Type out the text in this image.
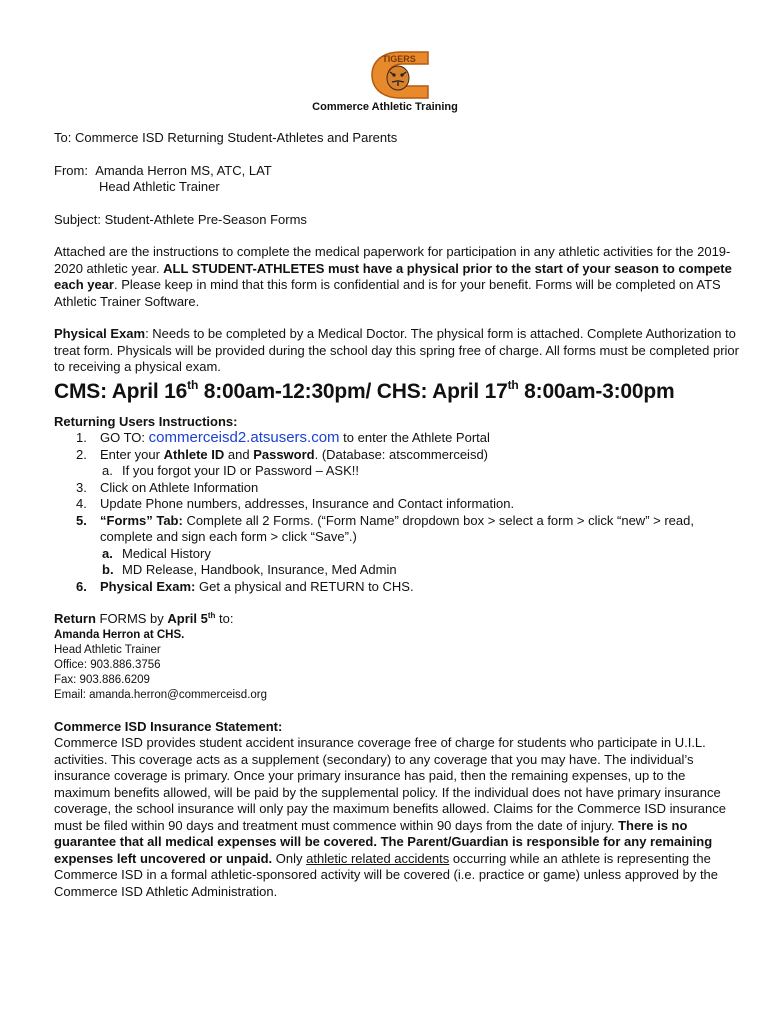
TIGERS
Commerce Athletic Training

To: Commerce ISD Returning Student-Athletes and Parents

From: Amanda Herron MS, ATC, LAT

Head Athletic Trainer

Subject: Student-Athlete Pre-Season Forms

Attached are the instructions to complete the medical paperwork for participation in any athletic activities for the 2019-2020 athletic year. ALL STUDENT-ATHLETES must have a physical prior to the start of your season to compete each year. Please keep in mind that this form is confidential and is for your benefit. Forms will be completed on ATS Athletic Trainer Software.

Physical Exam: Needs to be completed by a Medical Doctor. The physical form is attached. Complete Authorization to treat form. Physicals will be provided during the school day this spring free of charge. All forms must be completed prior to receiving a physical exam.

CMS: April 16th 8:00am-12:30pm/ CHS: April 17th 8:00am-3:00pm

Returning Users Instructions:

1. GO TO: commerceisd2.atsusers.com to enter the Athlete Portal
2. Enter your Athlete ID and Password. (Database: atscommerceisd)
a. If you forgot your ID or Password – ASK!!
3. Click on Athlete Information
4. Update Phone numbers, addresses, Insurance and Contact information.
5. “Forms” Tab: Complete all 2 Forms. (“Form Name” dropdown box > select a form > click “new” > read, complete and sign each form > click “Save”.)
a. Medical History
b. MD Release, Handbook, Insurance, Med Admin
6. Physical Exam: Get a physical and RETURN to CHS.

Return FORMS by April 5th to:

Amanda Herron at CHS.

Head Athletic Trainer

Office: 903.886.3756

Fax: 903.886.6209

Email: amanda.herron@commerceisd.org

Commerce ISD Insurance Statement:

Commerce ISD provides student accident insurance coverage free of charge for students who participate in U.I.L. activities. This coverage acts as a supplement (secondary) to any coverage that you may have. The individual’s insurance coverage is primary. Once your primary insurance has paid, then the remaining expenses, up to the maximum benefits allowed, will be paid by the supplemental policy. If the individual does not have primary insurance coverage, the school insurance will only pay the maximum benefits allowed. Claims for the Commerce ISD insurance must be filed within 90 days and treatment must commence within 90 days from the date of injury. There is no guarantee that all medical expenses will be covered. The Parent/Guardian is responsible for any remaining expenses left uncovered or unpaid. Only athletic related accidents occurring while an athlete is representing the Commerce ISD in a formal athletic-sponsored activity will be covered (i.e. practice or game) unless approved by the Commerce ISD Athletic Administration.
